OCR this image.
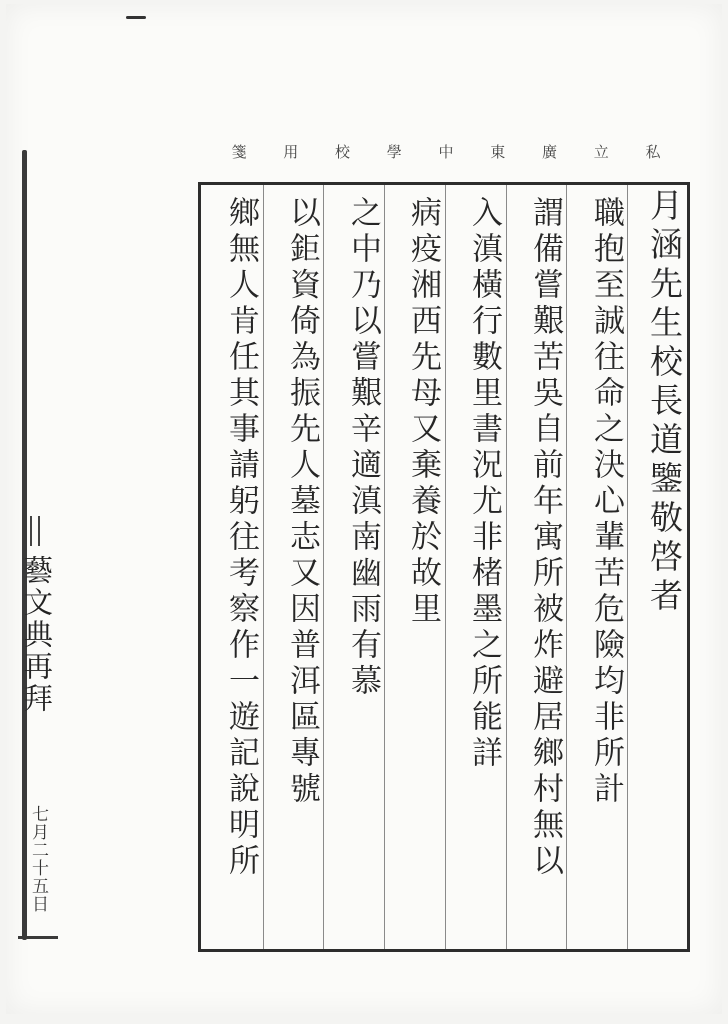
藝文典再拜
七月二十五日
私
立
廣
東
中
學
校
用
箋
月涵先生校長道鑒敬啓者
職抱至誠往命之決心輩苦危險均非所計
謂備嘗艱苦吳自前年寓所被炸避居鄉村無以
入滇橫行數里書況尤非楮墨之所能詳
病疫湘西先母又棄養於故里
之中乃以嘗艱辛適滇南幽雨有慕
以鉅資倚為振先人墓志又因普洱區專號
鄉無人肯任其事請躬往考察作一遊記說明所
